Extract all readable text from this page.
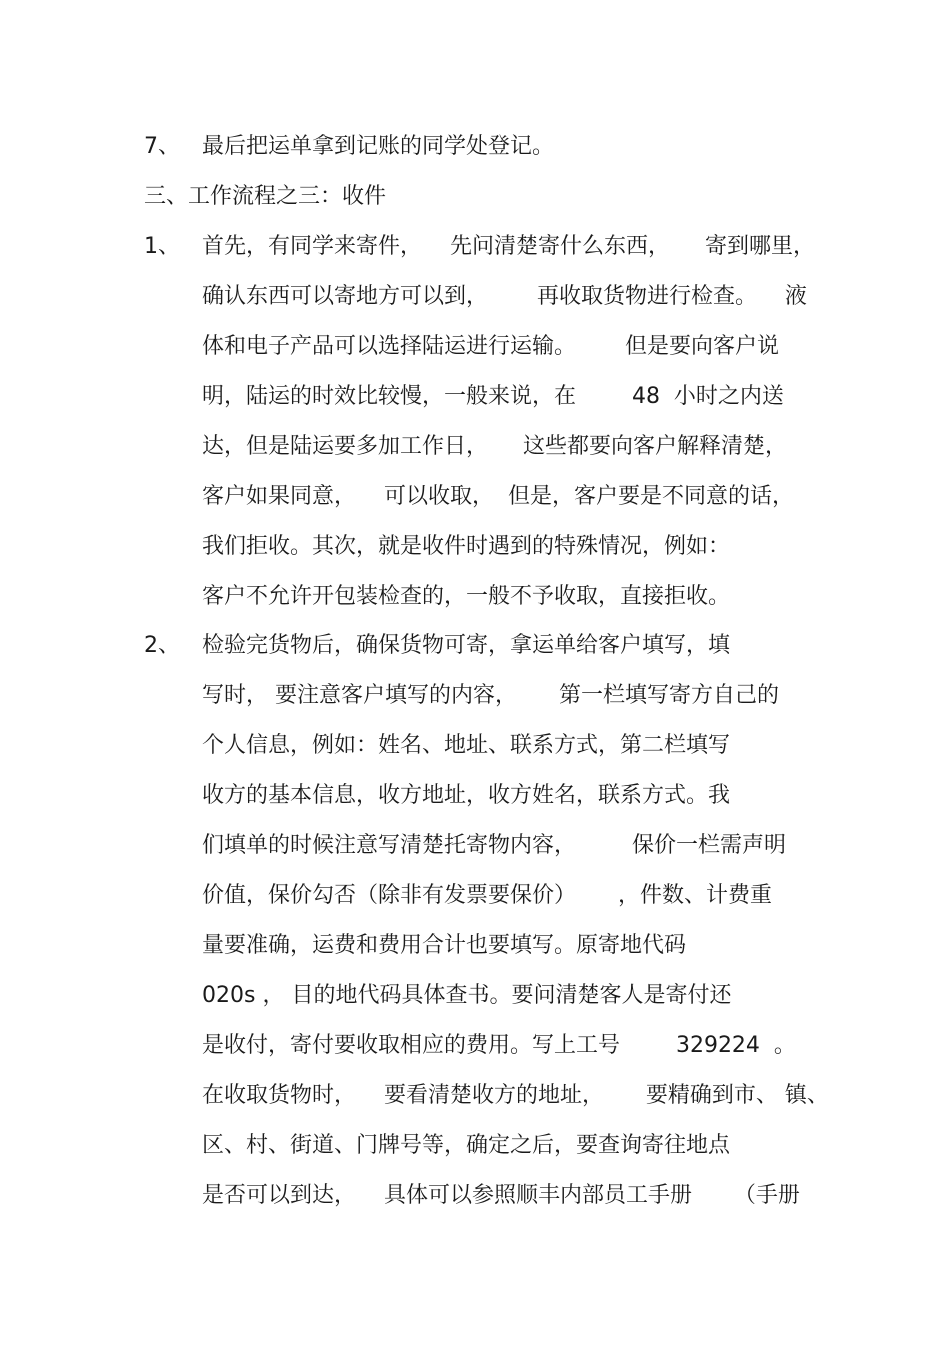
7、 最后把运单拿到记账的同学处登记。
三、工作流程之三：收件
1、 首先，有同学来寄件，    先问清楚寄什么东西，     寄到哪里，
确认东西可以寄地方可以到，       再收取货物进行检查。    液
体和电子产品可以选择陆运进行运输。       但是要向客户说
明，陆运的时效比较慢，一般来说，在        48  小时之内送
达，但是陆运要多加工作日，     这些都要向客户解释清楚，
客户如果同意，    可以收取，  但是，客户要是不同意的话，
我们拒收。其次，就是收件时遇到的特殊情况，例如：
客户不允许开包装检查的，一般不予收取，直接拒收。
2、 检验完货物后，确保货物可寄，拿运单给客户填写，填
写时， 要注意客户填写的内容，      第一栏填写寄方自己的
个人信息，例如：姓名、地址、联系方式，第二栏填写
收方的基本信息，收方地址，收方姓名，联系方式。我
们填单的时候注意写清楚托寄物内容，        保价一栏需声明
价值，保价勾否（除非有发票要保价）      ，件数、计费重
量要准确，运费和费用合计也要填写。原寄地代码
020s ， 目的地代码具体查书。要问清楚客人是寄付还
是收付，寄付要收取相应的费用。写上工号        329224  。
在收取货物时，    要看清楚收方的地址，      要精确到市、 镇、
区、村、街道、门牌号等，确定之后，要查询寄往地点
是否可以到达，    具体可以参照顺丰内部员工手册      （手册
